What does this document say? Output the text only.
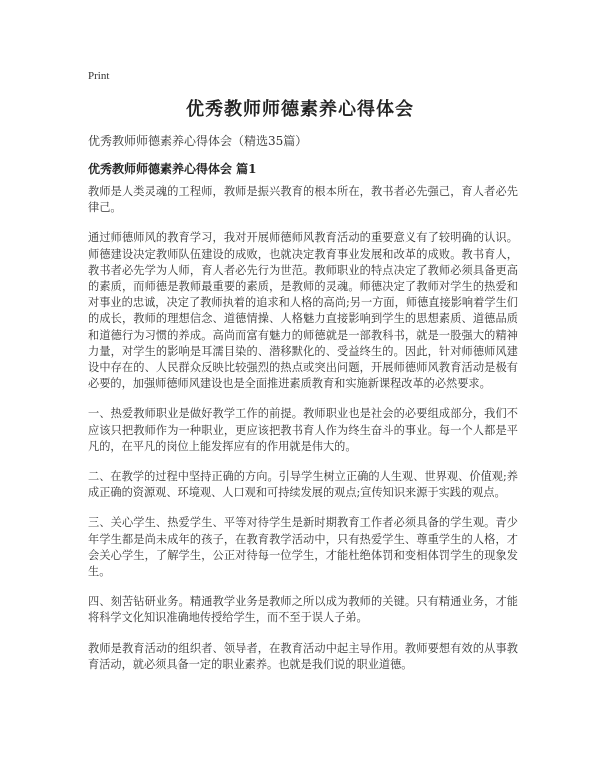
Print
优秀教师师德素养心得体会
优秀教师师德素养心得体会（精选35篇）
优秀教师师德素养心得体会 篇1

教师是人类灵魂的工程师，教师是振兴教育的根本所在，教书者必先强己，育人者必先律己。

通过师德师风的教育学习，我对开展师德师风教育活动的重要意义有了较明确的认识。师德建设决定教师队伍建设的成败，也就决定教育事业发展和改革的成败。教书育人，教书者必先学为人师，育人者必先行为世范。教师职业的特点决定了教师必须具备更高的素质，而师德是教师最重要的素质，是教师的灵魂。师德决定了教师对学生的热爱和对事业的忠诚，决定了教师执着的追求和人格的高尚;另一方面，师德直接影响着学生们的成长，教师的理想信念、道德情操、人格魅力直接影响到学生的思想素质、道德品质和道德行为习惯的养成。高尚而富有魅力的师德就是一部教科书，就是一股强大的精神力量，对学生的影响是耳濡目染的、潜移默化的、受益终生的。因此，针对师德师风建设中存在的、人民群众反映比较强烈的热点或突出问题，开展师德师风教育活动是极有必要的，加强师德师风建设也是全面推进素质教育和实施新课程改革的必然要求。

一、热爱教师职业是做好教学工作的前提。教师职业也是社会的必要组成部分，我们不应该只把教师作为一种职业，更应该把教书育人作为终生奋斗的事业。每一个人都是平凡的，在平凡的岗位上能发挥应有的作用就是伟大的。

二、在教学的过程中坚持正确的方向。引导学生树立正确的人生观、世界观、价值观;养成正确的资源观、环境观、人口观和可持续发展的观点;宣传知识来源于实践的观点。

三、关心学生、热爱学生、平等对待学生是新时期教育工作者必须具备的学生观。青少年学生都是尚未成年的孩子，在教育教学活动中，只有热爱学生、尊重学生的人格，才会关心学生，了解学生，公正对待每一位学生，才能杜绝体罚和变相体罚学生的现象发生。

四、刻苦钻研业务。精通教学业务是教师之所以成为教师的关键。只有精通业务，才能将科学文化知识准确地传授给学生，而不至于误人子弟。

教师是教育活动的组织者、领导者，在教育活动中起主导作用。教师要想有效的从事教育活动，就必须具备一定的职业素养。也就是我们说的职业道德。
